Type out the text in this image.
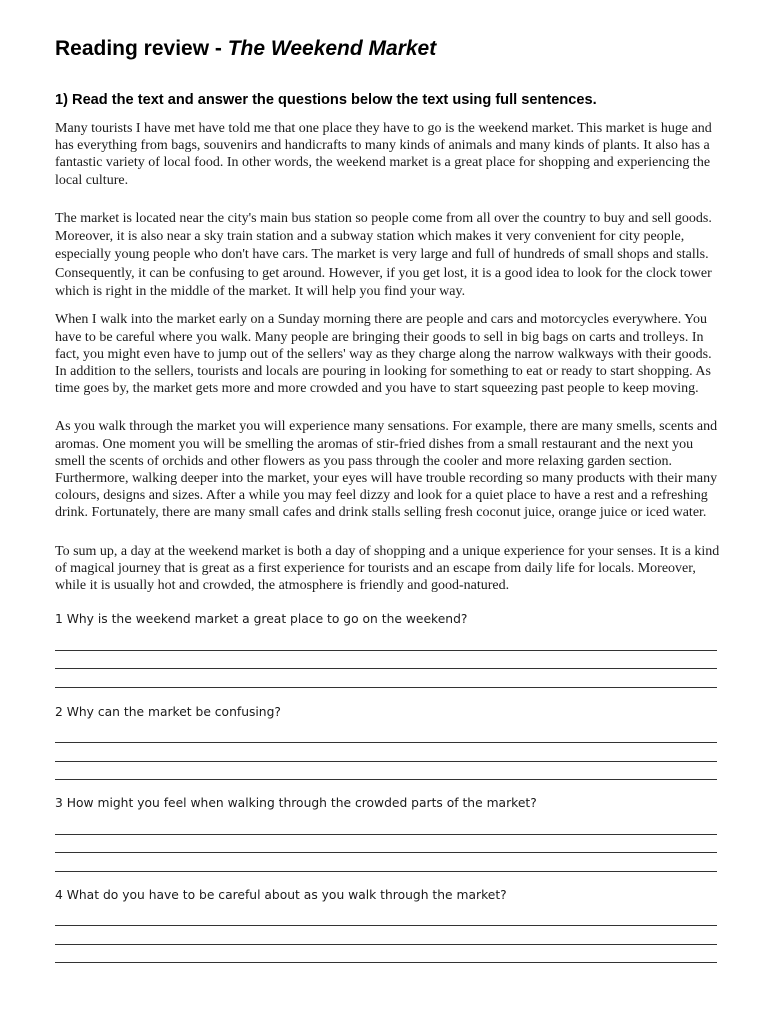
Reading review - The Weekend Market

1) Read the text and answer the questions below the text using full sentences.

Many tourists I have met have told me that one place they have to go is the weekend market. This market is huge and has everything from bags, souvenirs and handicrafts to many kinds of animals and many kinds of plants. It also has a fantastic variety of local food. In other words, the weekend market is a great place for shopping and experiencing the local culture.

The market is located near the city's main bus station so people come from all over the country to buy and sell goods. Moreover, it is also near a sky train station and a subway station which makes it very convenient for city people, especially young people who don't have cars. The market is very large and full of hundreds of small shops and stalls. Consequently, it can be confusing to get around. However, if you get lost, it is a good idea to look for the clock tower which is right in the middle of the market. It will help you find your way.

When I walk into the market early on a Sunday morning there are people and cars and motorcycles everywhere. You have to be careful where you walk. Many people are bringing their goods to sell in big bags on carts and trolleys. In fact, you might even have to jump out of the sellers' way as they charge along the narrow walkways with their goods. In addition to the sellers, tourists and locals are pouring in looking for something to eat or ready to start shopping. As time goes by, the market gets more and more crowded and you have to start squeezing past people to keep moving.

As you walk through the market you will experience many sensations. For example, there are many smells, scents and aromas. One moment you will be smelling the aromas of stir-fried dishes from a small restaurant and the next you smell the scents of orchids and other flowers as you pass through the cooler and more relaxing garden section. Furthermore, walking deeper into the market, your eyes will have trouble recording so many products with their many colours, designs and sizes. After a while you may feel dizzy and look for a quiet place to have a rest and a refreshing drink. Fortunately, there are many small cafes and drink stalls selling fresh coconut juice, orange juice or iced water.

To sum up, a day at the weekend market is both a day of shopping and a unique experience for your senses. It is a kind of magical journey that is great as a first experience for tourists and an escape from daily life for locals. Moreover, while it is usually hot and crowded, the atmosphere is friendly and good-natured.

1 Why is the weekend market a great place to go on the weekend?

2 Why can the market be confusing?

3 How might you feel when walking through the crowded parts of the market?

4 What do you have to be careful about as you walk through the market?
